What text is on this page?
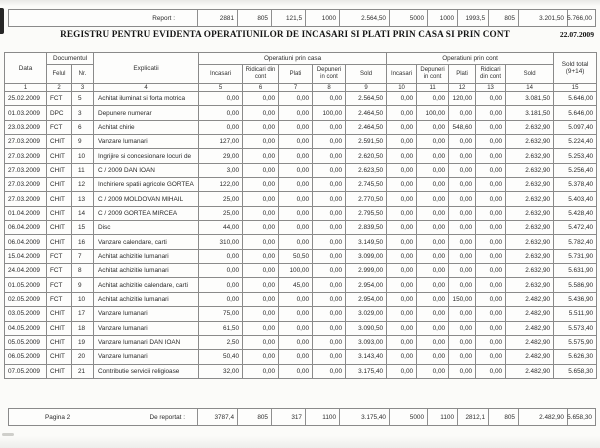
Report :	2881	805	121,5	1000	2.564,50	5000	1000	1993,5	805	3.201,50 5.766,00
REGISTRU PENTRU EVIDENTA OPERATIUNILOR DE INCASARI SI PLATI PRIN CASA SI PRIN CONT	22.07.2009
Data	Documentul		Explicatii	Operatiuni prin casa					Operatiuni prin cont					Sold total (9+14)
	Felul	Nr.		Incasari	Ridicari din cont	Plati	Depuneri in cont	Sold	Incasari	Depuneri in cont	Plati	Ridicari din cont	Sold	
1	2	3	4	5	6	7	8	9	10	11	12	13	14	15
25.02.2009	FCT	5	Achitat iluminat si forta motrica	0,00	0,00	0,00	0,00	2.564,50	0,00	0,00	120,00	0,00	3.081,50	5.646,00
01.03.2009	DPC	3	Depunere numerar	0,00	0,00	0,00	100,00	2.464,50	0,00	100,00	0,00	0,00	3.181,50	5.646,00
23.03.2009	FCT	6	Achitat chirie	0,00	0,00	0,00	0,00	2.464,50	0,00	0,00	548,60	0,00	2.632,90	5.097,40
27.03.2009	CHIT	9	Vanzare lumanari	127,00	0,00	0,00	0,00	2.591,50	0,00	0,00	0,00	0,00	2.632,90	5.224,40
27.03.2009	CHIT	10	Ingrijire si concesionare locuri de	29,00	0,00	0,00	0,00	2.620,50	0,00	0,00	0,00	0,00	2.632,90	5.253,40
27.03.2009	CHIT	11	C / 2009 DAN IOAN	3,00	0,00	0,00	0,00	2.623,50	0,00	0,00	0,00	0,00	2.632,90	5.256,40
27.03.2009	CHIT	12	Inchiriere spatii agricole GORTEA	122,00	0,00	0,00	0,00	2.745,50	0,00	0,00	0,00	0,00	2.632,90	5.378,40
27.03.2009	CHIT	13	C / 2009 MOLDOVAN MIHAIL	25,00	0,00	0,00	0,00	2.770,50	0,00	0,00	0,00	0,00	2.632,90	5.403,40
01.04.2009	CHIT	14	C / 2009 GORTEA MIRCEA	25,00	0,00	0,00	0,00	2.795,50	0,00	0,00	0,00	0,00	2.632,90	5.428,40
06.04.2009	CHIT	15	Disc	44,00	0,00	0,00	0,00	2.839,50	0,00	0,00	0,00	0,00	2.632,90	5.472,40
06.04.2009	CHIT	16	Vanzare calendare, carti	310,00	0,00	0,00	0,00	3.149,50	0,00	0,00	0,00	0,00	2.632,90	5.782,40
15.04.2009	FCT	7	Achitat achizitie lumanari	0,00	0,00	50,50	0,00	3.099,00	0,00	0,00	0,00	0,00	2.632,90	5.731,90
24.04.2009	FCT	8	Achitat achizitie lumanari	0,00	0,00	100,00	0,00	2.999,00	0,00	0,00	0,00	0,00	2.632,90	5.631,90
01.05.2009	FCT	9	Achitat achizitie calendare, carti	0,00	0,00	45,00	0,00	2.954,00	0,00	0,00	0,00	0,00	2.632,90	5.586,90
02.05.2009	FCT	10	Achitat achizitie lumanari	0,00	0,00	0,00	0,00	2.954,00	0,00	0,00	150,00	0,00	2.482,90	5.436,90
03.05.2009	CHIT	17	Vanzare lumanari	75,00	0,00	0,00	0,00	3.029,00	0,00	0,00	0,00	0,00	2.482,90	5.511,90
04.05.2009	CHIT	18	Vanzare lumanari	61,50	0,00	0,00	0,00	3.090,50	0,00	0,00	0,00	0,00	2.482,90	5.573,40
05.05.2009	CHIT	19	Vanzare lumanari DAN IOAN	2,50	0,00	0,00	0,00	3.093,00	0,00	0,00	0,00	0,00	2.482,90	5.575,90
06.05.2009	CHIT	20	Vanzare lumanari	50,40	0,00	0,00	0,00	3.143,40	0,00	0,00	0,00	0,00	2.482,90	5.626,30
07.05.2009	CHIT	21	Contributie servicii religioase	32,00	0,00	0,00	0,00	3.175,40	0,00	0,00	0,00	0,00	2.482,90	5.658,30
Pagina 2	De reportat :	3787,4	805	317	1100	3.175,40	5000	1100	2812,1	805	2.482,90 5.658,30
